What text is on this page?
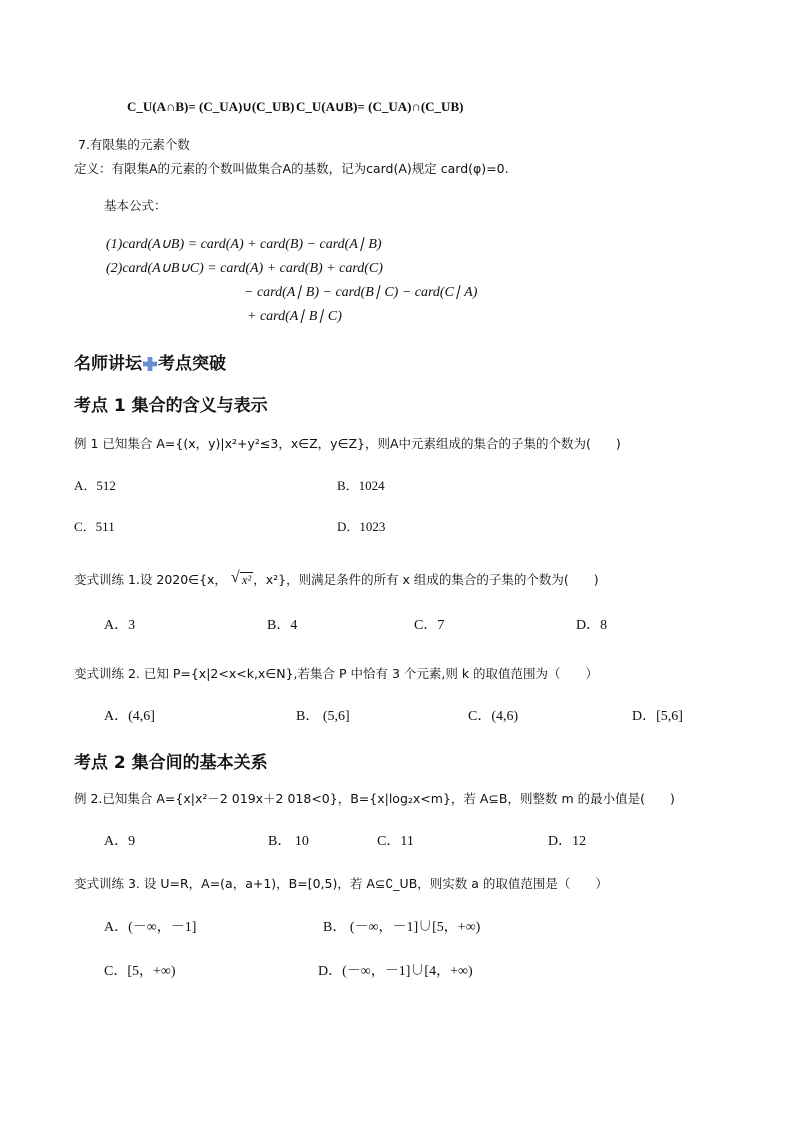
C_U(A∩B)= (C_UA)∪(C_UB) C_U(A∪B)= (C_UA)∩(C_UB)
7.有限集的元素个数
定义：有限集A的元素的个数叫做集合A的基数，记为card(A)规定 card(φ)=0.
基本公式：
(1)card(A∪B) = card(A) + card(B) − card(A∣ B)
(2)card(A∪B∪C) = card(A) + card(B) + card(C)
− card(A∣ B) − card(B∣ C) − card(C∣ A)
+ card(A∣ B∣ C)
名师讲坛 考点突破
考点 1 集合的含义与表示
例 1 已知集合 A={(x，y)|x²+y²≤3，x∈Z，y∈Z}，则A中元素组成的集合的子集的个数为(　　)
A．512	B．1024
C．511	D．1023
变式训练 1.设 2020∈{x， √ x² ，x²}，则满足条件的所有 x 组成的集合的子集的个数为(　　)
A．3	B．4	C．7	D．8
变式训练 2. 已知 P={x|2<x<k,x∈N},若集合 P 中恰有 3 个元素,则 k 的取值范围为（　　）
A．(4,6]	B． (5,6]	C．(4,6)	D．[5,6]
考点 2 集合间的基本关系
例 2.已知集合 A={x|x²－2 019x＋2 018<0}，B={x|log₂x<m}，若 A⊆B，则整数 m 的最小值是(　　)
A．9	B． 10	C．11	D．12
变式训练 3. 设 U=R，A=(a，a+1)，B=[0,5)，若 A⊆∁_UB，则实数 a 的取值范围是（　　）
A．(－∞，－1]	B． (－∞，－1]∪[5，+∞)
C．[5，+∞)	D．(－∞，－1]∪[4，+∞)
